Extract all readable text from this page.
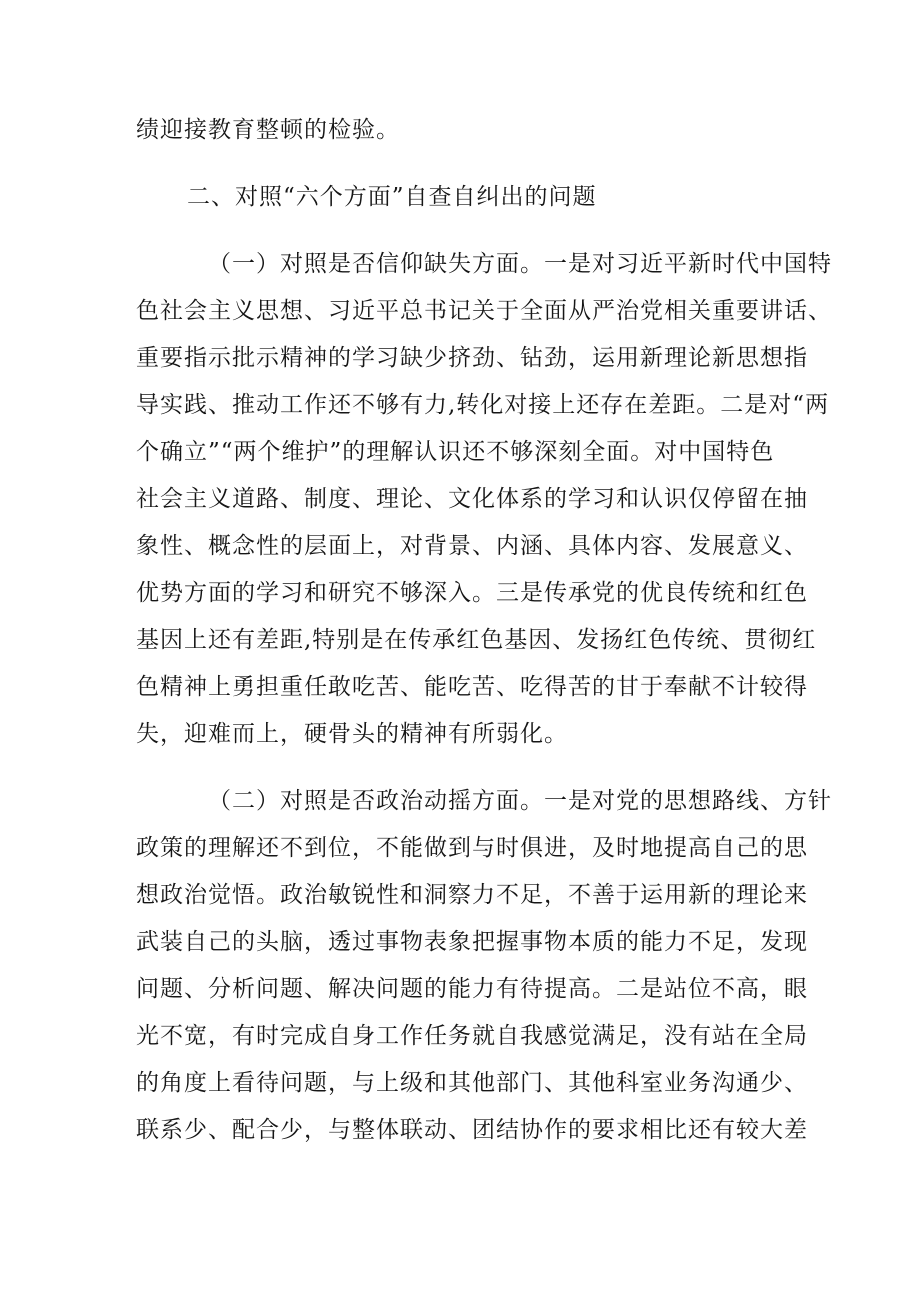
绩迎接教育整顿的检验。
二、对照“六个方面”自查自纠出的问题
（一）对照是否信仰缺失方面。一是对习近平新时代中国特
色社会主义思想、习近平总书记关于全面从严治党相关重要讲话、
重要指示批示精神的学习缺少挤劲、钻劲，运用新理论新思想指
导实践、推动工作还不够有力,转化对接上还存在差距。二是对“两
个确立”“两个维护”的理解认识还不够深刻全面。对中国特色
社会主义道路、制度、理论、文化体系的学习和认识仅停留在抽
象性、概念性的层面上，对背景、内涵、具体内容、发展意义、
优势方面的学习和研究不够深入。三是传承党的优良传统和红色
基因上还有差距,特别是在传承红色基因、发扬红色传统、贯彻红
色精神上勇担重任敢吃苦、能吃苦、吃得苦的甘于奉献不计较得
失，迎难而上，硬骨头的精神有所弱化。
（二）对照是否政治动摇方面。一是对党的思想路线、方针
政策的理解还不到位，不能做到与时俱进，及时地提高自己的思
想政治觉悟。政治敏锐性和洞察力不足，不善于运用新的理论来
武装自己的头脑，透过事物表象把握事物本质的能力不足，发现
问题、分析问题、解决问题的能力有待提高。二是站位不高，眼
光不宽，有时完成自身工作任务就自我感觉满足，没有站在全局
的角度上看待问题，与上级和其他部门、其他科室业务沟通少、
联系少、配合少，与整体联动、团结协作的要求相比还有较大差
